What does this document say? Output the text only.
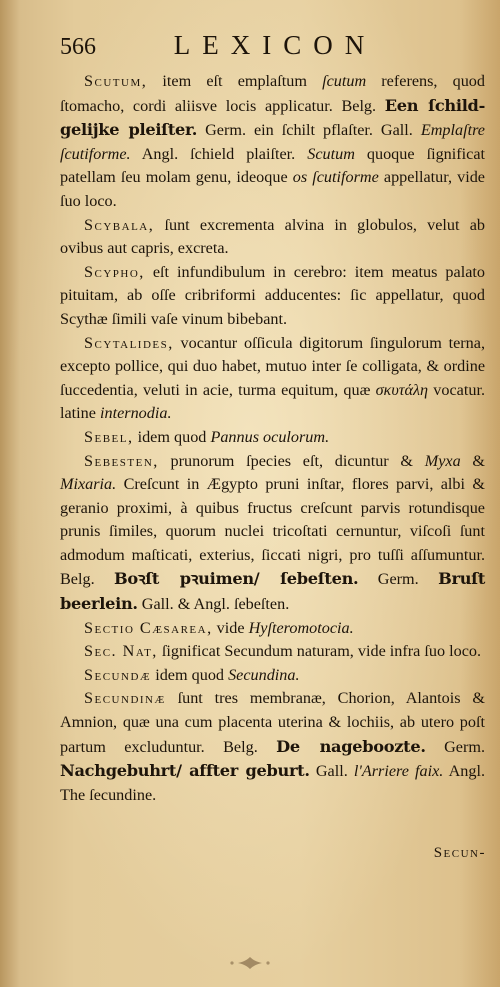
566	LEXICON

Scutum, item eſt emplaſtum ſcutum referens, quod ſtomacho, cordi aliisve locis applicatur. Belg. Een ſchild-gelijke pleiſter. Germ. ein ſchilt pflaſter. Gall. Emplaſtre ſcutiforme. Angl. ſchield plaiſter. Scutum quoque ſignificat patellam ſeu molam genu, ideoque os ſcutiforme appellatur, vide ſuo loco.

Scybala, ſunt excrementa alvina in globulos, velut ab ovibus aut capris, excreta.

Scypho, eſt infundibulum in cerebro: item meatus palato pituitam, ab oſſe cribriformi adducentes: ſic appellatur, quod Scythæ ſimili vaſe vinum bibebant.

Scytalides, vocantur oſſicula digitorum ſingulorum terna, excepto pollice, qui duo habet, mutuo inter ſe colligata, & ordine ſuccedentia, veluti in acie, turma equitum, quæ σκυτάλη vocatur. latine internodia.

Sebel, idem quod Pannus oculorum.

Sebesten, prunorum ſpecies eſt, dicuntur & Myxa & Mixaria. Creſcunt in Ægypto pruni inſtar, flores parvi, albi & geranio proximi, à quibus fructus creſcunt parvis rotundisque prunis ſimiles, quorum nuclei tricoſtati cernuntur, viſcoſi ſunt admodum maſticati, exterius, ſiccati nigri, pro tuſſi aſſumuntur. Belg. Boꝛſt pꝛuimen/ ſebeſten. Germ. Bruſt beerlein. Gall. & Angl. ſebeſten.

Sectio Cæsarea, vide Hyſteromotocia.

Sec. Nat, ſignificat Secundum naturam, vide infra ſuo loco.

Secundæ idem quod Secundina.

Secundinæ ſunt tres membranæ, Chorion, Alantois & Amnion, quæ una cum placenta uterina & lochiis, ab utero poſt partum excluduntur. Belg. De nageboozte. Germ. Nachgebuhrt/ affter geburt. Gall. l'Arriere faix. Angl. The ſecundine.

Secun-
